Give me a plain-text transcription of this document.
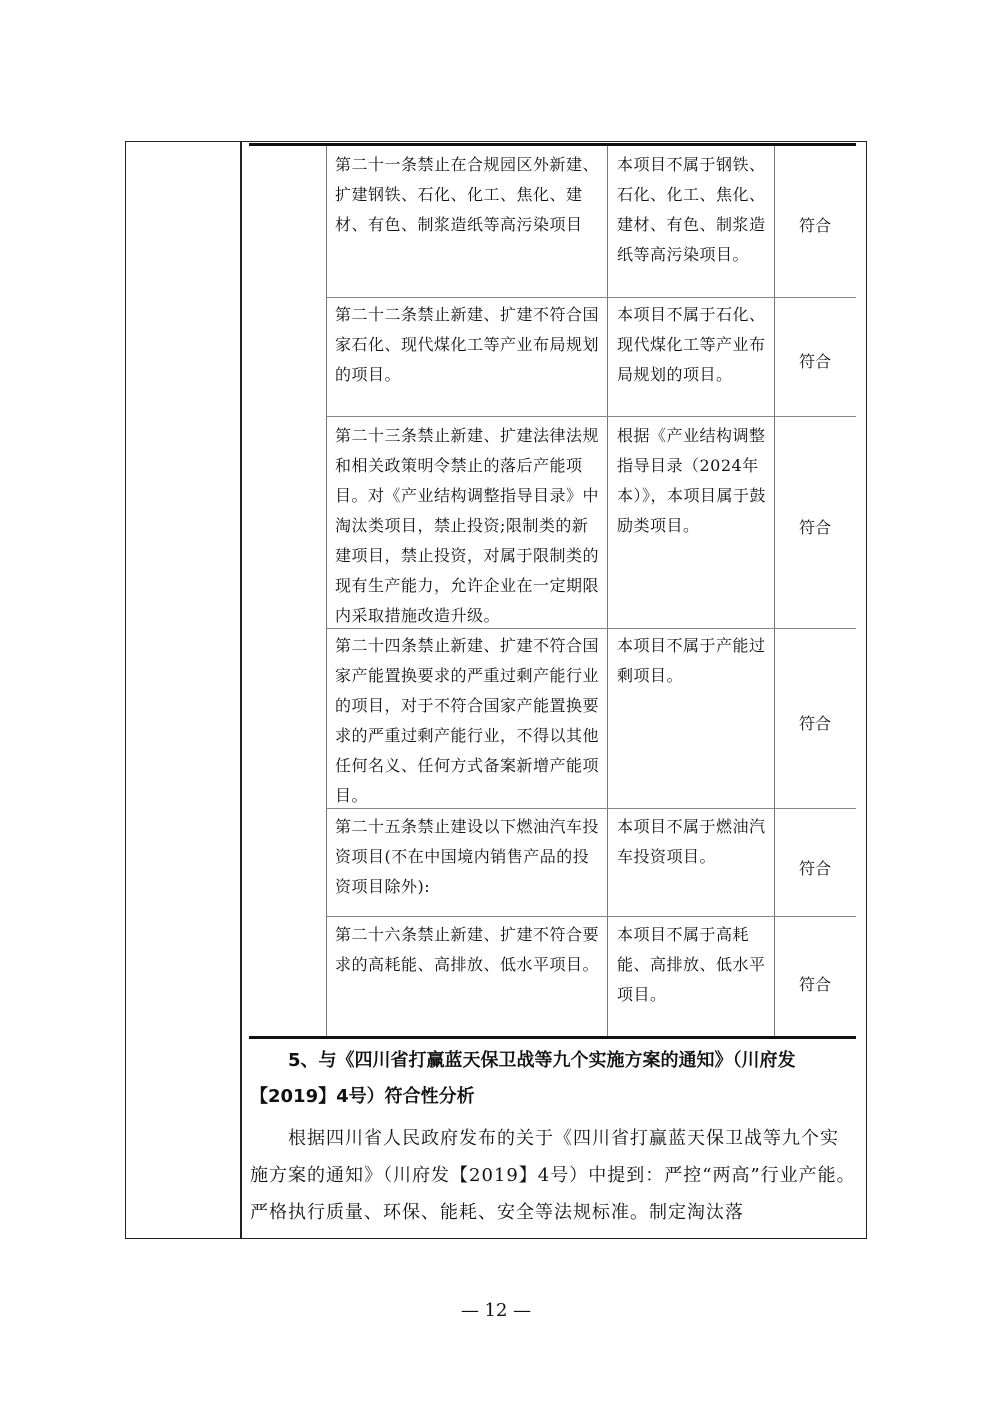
第二十一条禁止在合规园区外新建、扩建钢铁、石化、化工、焦化、建材、有色、制浆造纸等高污染项目
本项目不属于钢铁、石化、化工、焦化、建材、有色、制浆造纸等高污染项目。
符合
第二十二条禁止新建、扩建不符合国家石化、现代煤化工等产业布局规划的项目。
本项目不属于石化、现代煤化工等产业布局规划的项目。
符合
第二十三条禁止新建、扩建法律法规和相关政策明令禁止的落后产能项目。对《产业结构调整指导目录》中淘汰类项目，禁止投资;限制类的新建项目，禁止投资，对属于限制类的现有生产能力，允许企业在一定期限内采取措施改造升级。
根据《产业结构调整指导目录（2024年本）》，本项目属于鼓励类项目。	符合
第二十四条禁止新建、扩建不符合国家产能置换要求的严重过剩产能行业的项目，对于不符合国家产能置换要求的严重过剩产能行业，不得以其他任何名义、任何方式备案新增产能项目。
本项目不属于产能过剩项目。
符合
第二十五条禁止建设以下燃油汽车投资项目(不在中国境内销售产品的投资项目除外):
本项目不属于燃油汽车投资项目。
符合
第二十六条禁止新建、扩建不符合要求的高耗能、高排放、低水平项目。
本项目不属于高耗能、高排放、低水平项目。
符合
5、与《四川省打赢蓝天保卫战等九个实施方案的通知》（川府发【2019】4号）符合性分析
根据四川省人民政府发布的关于《四川省打赢蓝天保卫战等九个实施方案的通知》（川府发【2019】4号）中提到：严控“两高”行业产能。严格执行质量、环保、能耗、安全等法规标准。制定淘汰落
— 12 —
